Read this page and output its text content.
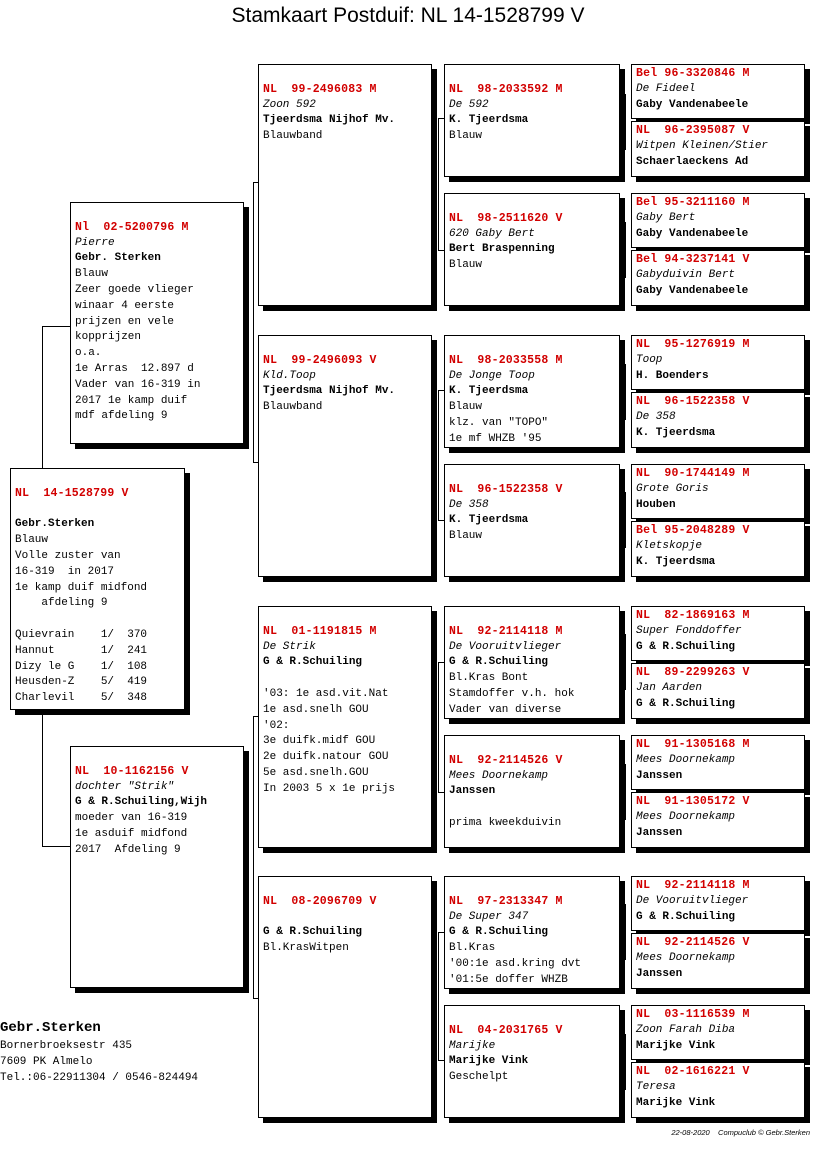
Stamkaart Postduif: NL 14-1528799 V

NL  14-1528799 V

Gebr.Sterken
Blauw
Volle zuster van
16-319  in 2017
1e kamp duif midfond
afdeling 9

Quievrain    1/  370
Hannut       1/  241
Dizy le G    1/  108
Heusden-Z    5/  419
Charlevil    5/  348

Nl  02-5200796 M
Pierre
Gebr. Sterken
Blauw
Zeer goede vlieger
winaar 4 eerste
prijzen en vele
kopprijzen
o.a.
1e Arras  12.897 d
Vader van 16-319 in
2017 1e kamp duif
mdf afdeling 9

NL  10-1162156 V
dochter "Strik"
G & R.Schuiling,Wijh
moeder van 16-319
1e asduif midfond
2017  Afdeling 9

NL  99-2496083 M
Zoon 592
Tjeerdsma Nijhof Mv.
Blauwband

NL  99-2496093 V
Kld.Toop
Tjeerdsma Nijhof Mv.
Blauwband

NL  01-1191815 M
De Strik
G & R.Schuiling

'03: 1e asd.vit.Nat
1e asd.snelh GOU
'02:
3e duifk.midf GOU
2e duifk.natour GOU
5e asd.snelh.GOU
In 2003 5 x 1e prijs

NL  08-2096709 V

G & R.Schuiling
Bl.KrasWitpen

NL  98-2033592 M
De 592
K. Tjeerdsma
Blauw

NL  98-2511620 V
620 Gaby Bert
Bert Braspenning
Blauw

NL  98-2033558 M
De Jonge Toop
K. Tjeerdsma
Blauw
klz. van "TOPO"
1e mf WHZB '95

NL  96-1522358 V
De 358
K. Tjeerdsma
Blauw

NL  92-2114118 M
De Vooruitvlieger
G & R.Schuiling
Bl.Kras Bont
Stamdoffer v.h. hok
Vader van diverse

NL  92-2114526 V
Mees Doornekamp
Janssen

prima kweekduivin

NL  97-2313347 M
De Super 347
G & R.Schuiling
Bl.Kras
'00:1e asd.kring dvt
'01:5e doffer WHZB

NL  04-2031765 V
Marijke
Marijke Vink
Geschelpt

Bel 96-3320846 M
De Fideel
Gaby Vandenabeele
NL  96-2395087 V
Witpen Kleinen/Stier
Schaerlaeckens Ad
Bel 95-3211160 M
Gaby Bert
Gaby Vandenabeele
Bel 94-3237141 V
Gabyduivin Bert
Gaby Vandenabeele
NL  95-1276919 M
Toop
H. Boenders
NL  96-1522358 V
De 358
K. Tjeerdsma
NL  90-1744149 M
Grote Goris
Houben
Bel 95-2048289 V
Kletskopje
K. Tjeerdsma
NL  82-1869163 M
Super Fonddoffer
G & R.Schuiling
NL  89-2299263 V
Jan Aarden
G & R.Schuiling
NL  91-1305168 M
Mees Doornekamp
Janssen
NL  91-1305172 V
Mees Doornekamp
Janssen
NL  92-2114118 M
De Vooruitvlieger
G & R.Schuiling
NL  92-2114526 V
Mees Doornekamp
Janssen
NL  03-1116539 M
Zoon Farah Diba
Marijke Vink
NL  02-1616221 V
Teresa
Marijke Vink
Gebr.Sterken
Bornerbroeksestr 435
7609 PK Almelo
Tel.:06-22911304 / 0546-824494
22-08-2020    Compuclub © Gebr.Sterken
